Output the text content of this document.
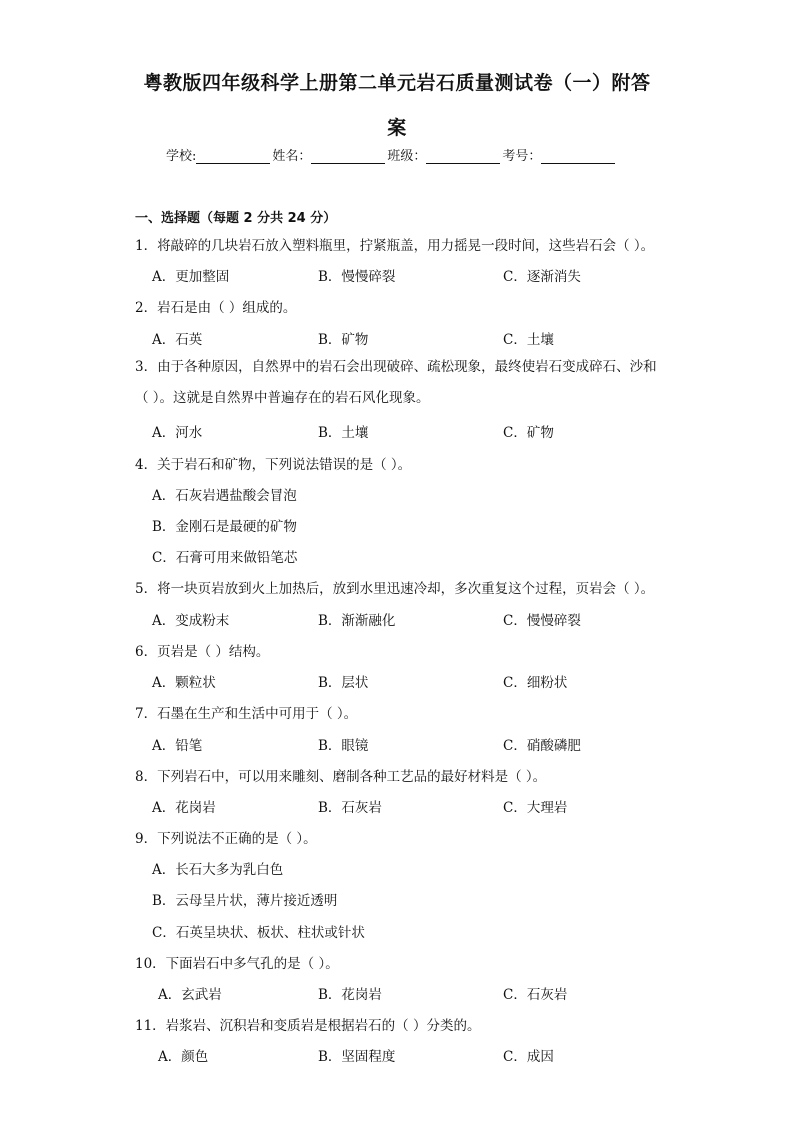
粤教版四年级科学上册第二单元岩石质量测试卷（一）附答
案
学校:	姓名：	班级：	考号：
一、选择题（每题 2 分共 24 分）
1．将敲碎的几块岩石放入塑料瓶里，拧紧瓶盖，用力摇晃一段时间，这些岩石会（ ）。
A．更加整固	B．慢慢碎裂	C．逐渐消失
2．岩石是由（ ）组成的。
A．石英	B．矿物	C．土壤
3．由于各种原因，自然界中的岩石会出现破碎、疏松现象，最终使岩石变成碎石、沙和（ ）。这就是自然界中普遍存在的岩石风化现象。
A．河水	B．土壤	C．矿物
4．关于岩石和矿物，下列说法错误的是（ ）。
A．石灰岩遇盐酸会冒泡
B．金刚石是最硬的矿物
C．石膏可用来做铅笔芯
5．将一块页岩放到火上加热后，放到水里迅速冷却，多次重复这个过程，页岩会（ ）。
A．变成粉末	B．渐渐融化	C．慢慢碎裂
6．页岩是（ ）结构。
A．颗粒状	B．层状	C．细粉状
7．石墨在生产和生活中可用于（ ）。
A．铅笔	B．眼镜	C．硝酸磷肥
8．下列岩石中，可以用来雕刻、磨制各种工艺品的最好材料是（ ）。
A．花岗岩	B．石灰岩	C．大理岩
9．下列说法不正确的是（ ）。
A．长石大多为乳白色
B．云母呈片状，薄片接近透明
C．石英呈块状、板状、柱状或针状
10．下面岩石中多气孔的是（ ）。
A．玄武岩	B．花岗岩	C．石灰岩
11．岩浆岩、沉积岩和变质岩是根据岩石的（ ）分类的。
A．颜色	B．坚固程度	C．成因
